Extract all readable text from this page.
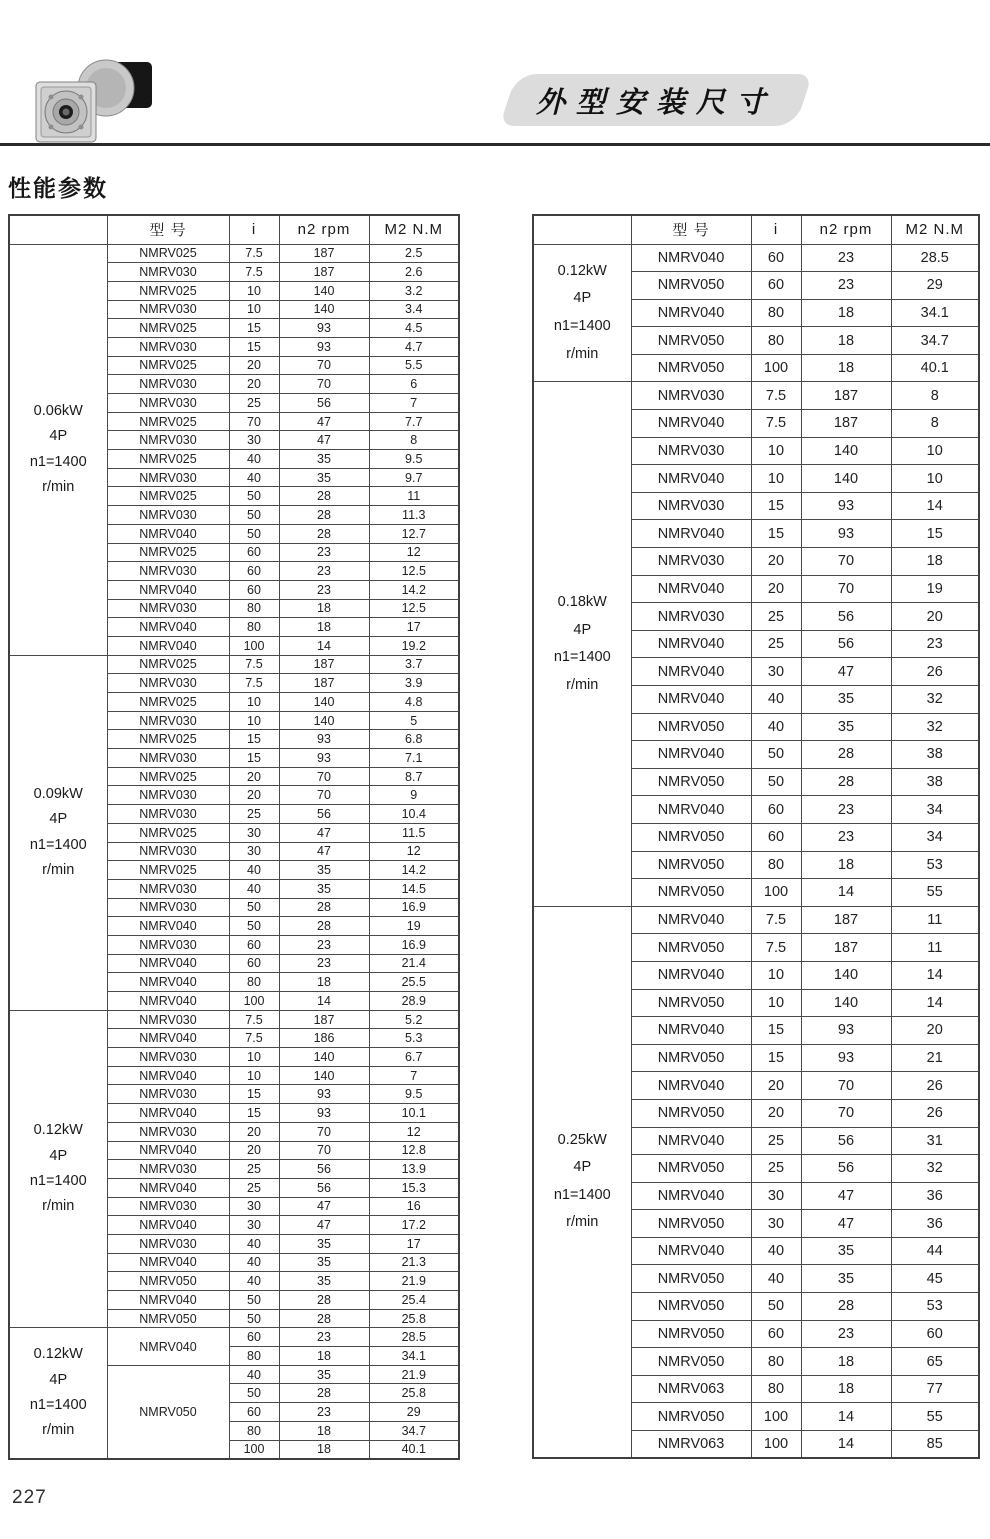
外型安装尺寸
性能参数
	型 号	i	n2 rpm	M2 N.M

0.06kW
4P
n1=1400
r/min	NMRV025	7.5	187	2.5
	NMRV030	7.5	187	2.6
	NMRV025	10	140	3.2
	NMRV030	10	140	3.4
	NMRV025	15	93	4.5
	NMRV030	15	93	4.7
	NMRV025	20	70	5.5
	NMRV030	20	70	6
	NMRV030	25	56	7
	NMRV025	70	47	7.7
	NMRV030	30	47	8
	NMRV025	40	35	9.5
	NMRV030	40	35	9.7
	NMRV025	50	28	11
	NMRV030	50	28	11.3
	NMRV040	50	28	12.7
	NMRV025	60	23	12
	NMRV030	60	23	12.5
	NMRV040	60	23	14.2
	NMRV030	80	18	12.5
	NMRV040	80	18	17
	NMRV040	100	14	19.2

0.09kW
4P
n1=1400
r/min	NMRV025	7.5	187	3.7
	NMRV030	7.5	187	3.9
	NMRV025	10	140	4.8
	NMRV030	10	140	5
	NMRV025	15	93	6.8
	NMRV030	15	93	7.1
	NMRV025	20	70	8.7
	NMRV030	20	70	9
	NMRV030	25	56	10.4
	NMRV025	30	47	11.5
	NMRV030	30	47	12
	NMRV025	40	35	14.2
	NMRV030	40	35	14.5
	NMRV030	50	28	16.9
	NMRV040	50	28	19
	NMRV030	60	23	16.9
	NMRV040	60	23	21.4
	NMRV040	80	18	25.5
	NMRV040	100	14	28.9

0.12kW
4P
n1=1400
r/min	NMRV030	7.5	187	5.2
	NMRV040	7.5	186	5.3
	NMRV030	10	140	6.7
	NMRV040	10	140	7
	NMRV030	15	93	9.5
	NMRV040	15	93	10.1
	NMRV030	20	70	12
	NMRV040	20	70	12.8
	NMRV030	25	56	13.9
	NMRV040	25	56	15.3
	NMRV030	30	47	16
	NMRV040	30	47	17.2
	NMRV030	40	35	17
	NMRV040	40	35	21.3
	NMRV050	40	35	21.9
	NMRV040	50	28	25.4
	NMRV050	50	28	25.8

0.12kW
4P
n1=1400
r/min	NMRV040	60	23	28.5
		80	18	34.1
	NMRV050	40	35	21.9
		50	28	25.8
		60	23	29
		80	18	34.7
		100	18	40.1
	型 号	i	n2 rpm	M2 N.M

0.12kW
4P
n1=1400
r/min	NMRV040	60	23	28.5
	NMRV050	60	23	29
	NMRV040	80	18	34.1
	NMRV050	80	18	34.7
	NMRV050	100	18	40.1

0.18kW
4P
n1=1400
r/min	NMRV030	7.5	187	8
	NMRV040	7.5	187	8
	NMRV030	10	140	10
	NMRV040	10	140	10
	NMRV030	15	93	14
	NMRV040	15	93	15
	NMRV030	20	70	18
	NMRV040	20	70	19
	NMRV030	25	56	20
	NMRV040	25	56	23
	NMRV040	30	47	26
	NMRV040	40	35	32
	NMRV050	40	35	32
	NMRV040	50	28	38
	NMRV050	50	28	38
	NMRV040	60	23	34
	NMRV050	60	23	34
	NMRV050	80	18	53
	NMRV050	100	14	55

0.25kW
4P
n1=1400
r/min	NMRV040	7.5	187	11
	NMRV050	7.5	187	11
	NMRV040	10	140	14
	NMRV050	10	140	14
	NMRV040	15	93	20
	NMRV050	15	93	21
	NMRV040	20	70	26
	NMRV050	20	70	26
	NMRV040	25	56	31
	NMRV050	25	56	32
	NMRV040	30	47	36
	NMRV050	30	47	36
	NMRV040	40	35	44
	NMRV050	40	35	45
	NMRV050	50	28	53
	NMRV050	60	23	60
	NMRV050	80	18	65
	NMRV063	80	18	77
	NMRV050	100	14	55
	NMRV063	100	14	85
227
